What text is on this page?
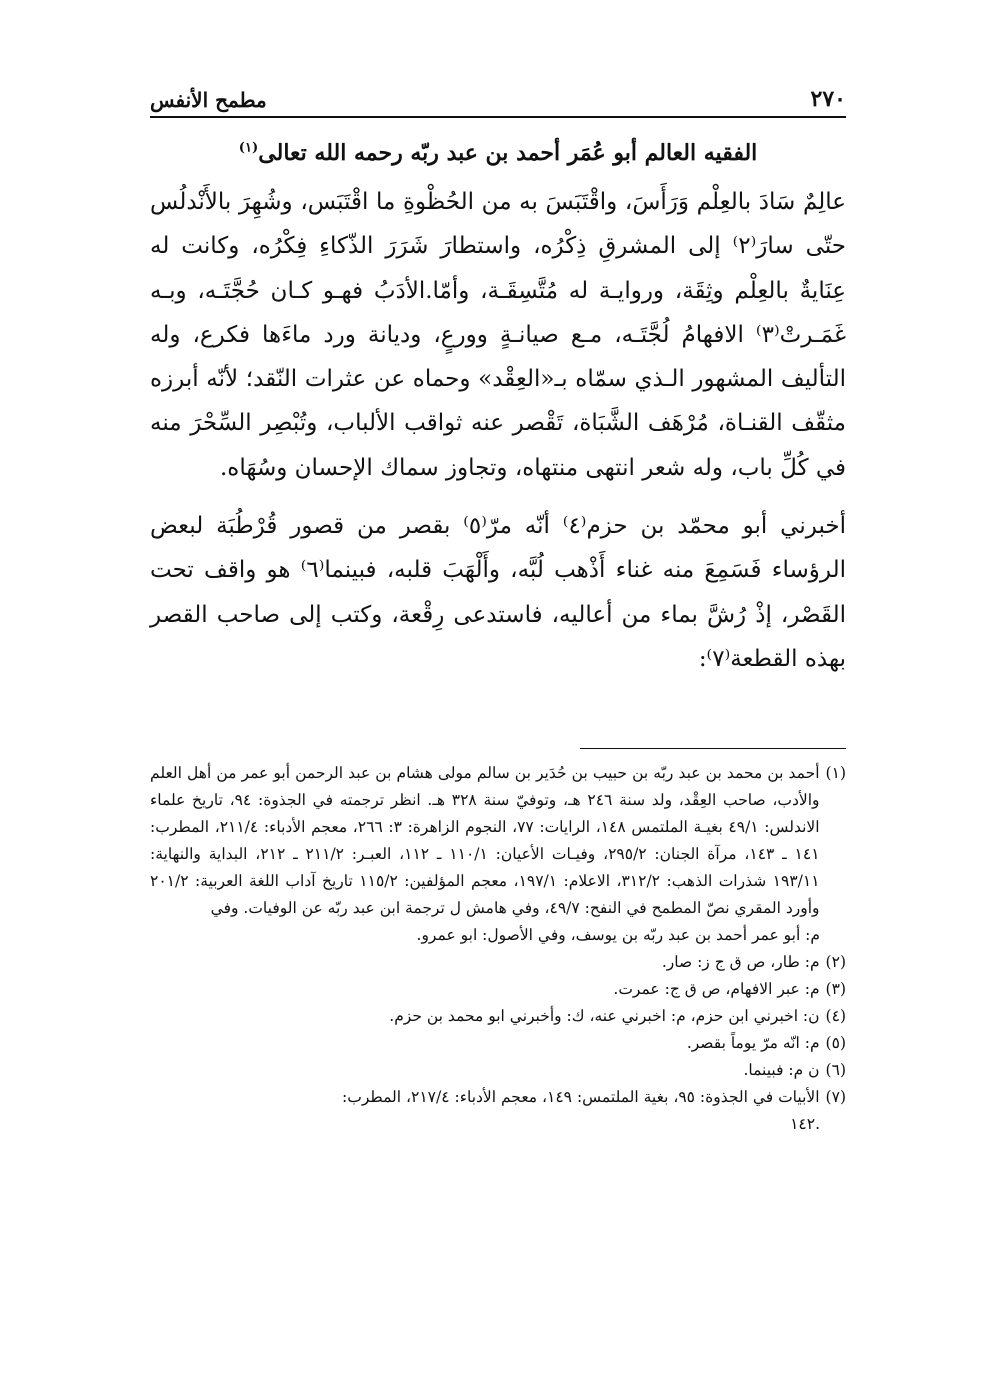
مطمح الأنفس	٢٧٠
الفقيه العالم أبو عُمَر أحمد بن عبد ربّه رحمه الله تعالى$^{(١)}$

عالِمٌ سَادَ بالعِلْم وَرَأَسَ، واقْتَبَسَ به من الحُظْوةِ ما اقْتَبَس، وشُهِرَ بالأَنْدلُس حتّى سارَ⁽٢⁾ إلى المشرقِ ذِكْرُه، واستطارَ شَرَرَ الذّكاءِ فِكْرُه، وكانت له عِنَايةٌ بالعِلْم وثِقَة، وروايـة له مُتَّسِقَـة، وأمّا.الأدَبُ فهـو كـان حُجَّتَـه، وبـه غَمَـرتْ⁽٣⁾ الافهامُ لُجَّتَـه، مـع صيانـةٍ وورعٍ، وديانة ورد ماءَها فكرع، وله التأليف المشهور الـذي سمّاه بـ«العِقْد» وحماه عن عثرات النّقد؛ لأنّه أبرزه مثقّف القنـاة، مُرْهَف الشَّبَاة، تَقْصر عنه ثواقب الألباب، وتُبْصِر السِّحْرَ منه في كُلِّ باب، وله شعر انتهى منتهاه، وتجاوز سماك الإحسان وسُهَاه.

أخبرني أبو محمّد بن حزم⁽٤⁾ أنّه مرّ⁽٥⁾ بقصر من قصور قُرْطُبَة لبعض الرؤساء فَسَمِعَ منه غناء أَذْهب لُبَّه، وأَلْهَبَ قلبه، فبينما⁽٦⁾ هو واقف تحت القَصْر، إذْ رُشَّ بماء من أعاليه، فاستدعى رِقْعة، وكتب إلى صاحب القصر بهذه القطعة⁽٧⁾:

(١)
أحمد بن محمد بن عبد ربّه بن حبيب بن حُدَير بن سالم مولى هشام بن عبد الرحمن أبو عمر من أهل العلم والأدب، صاحب العِقْد، ولد سنة ٢٤٦ هـ، وتوفيّ سنة ٣٢٨ هـ. انظر ترجمته في الجذوة: ٩٤، تاريخ علماء الاندلس: ٤٩/١ بغيـة الملتمس ١٤٨، الرايات: ٧٧، النجوم الزاهرة: ٣: ٢٦٦، معجم الأدباء: ٢١١/٤، المطرب: ١٤١ ـ ١٤٣، مرآة الجنان: ٢٩٥/٢، وفيـات الأعيان: ١١٠/١ ـ ١١٢، العبـر: ٢١١/٢ ـ ٢١٢، البداية والنهاية: ١٩٣/١١ شذرات الذهب: ٣١٢/٢، الاعلام: ١٩٧/١، معجم المؤلفين: ١١٥/٢ تاريخ آداب اللغة العربية: ٢٠١/٢ وأورد المقري نصّ المطمح في النفح: ٤٩/٧، وفي هامش ل ترجمة ابن عبد ربّه عن الوفيات. وفي
م: أبو عمر أحمد بن عبد ربّه بن يوسف، وفي الأصول: ابو عمرو.
(٢)
م: طار، ص ق ج ز: صار.
(٣)
م: عبر الافهام، ص ق ج: عمرت.
(٤)
ن: اخبرني ابن حزم، م: اخبرني عنه، ك: وأخبرني ابو محمد بن حزم.
(٥)
م: انّه مرّ يوماً بقصر.
(٦)
ن م: فبينما.
(٧)
الأبيات في الجذوة: ٩٥، بغية الملتمس: ١٤٩، معجم الأدباء: ٢١٧/٤، المطرب:
.١٤٢
